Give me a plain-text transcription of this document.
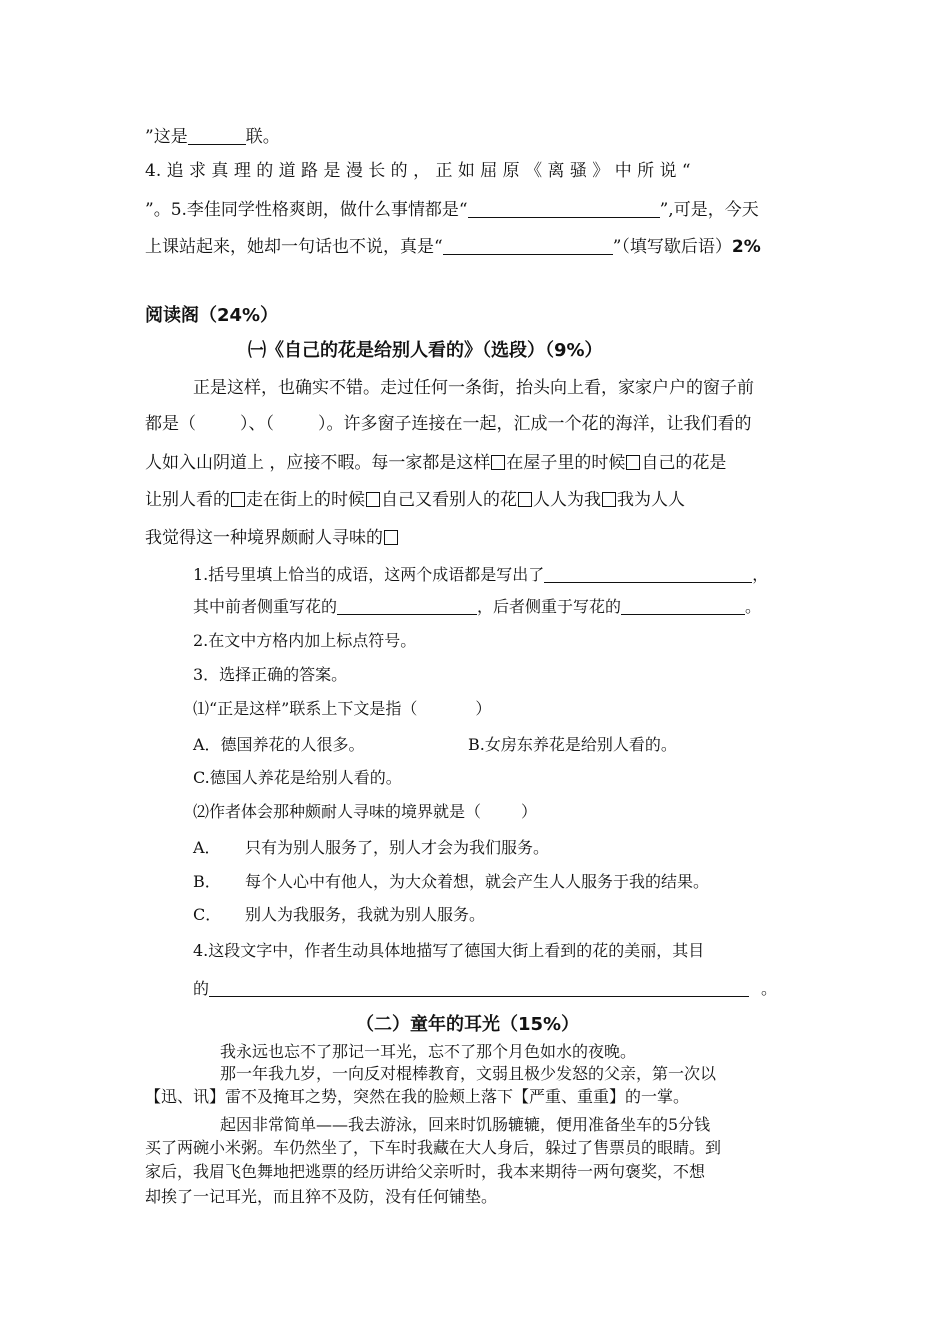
”这是	联。
4. 追 求 真 理 的 道 路 是 漫 长 的 ， 正 如 屈 原 《 离 骚 》 中 所 说 “
”。5.李佳同学性格爽朗，做什么事情都是“	”,可是，今天
上课站起来，她却一句话也不说，真是“	”（填写歇后语）2%
阅读阁（24%）
㈠《自己的花是给别人看的》（选段）（9%）
正是这样，也确实不错。走过任何一条街，抬头向上看，家家户户的窗子前
都是（	）、（	）。许多窗子连接在一起，汇成一个花的海洋，让我们看的
人如入山阴道上 ，应接不暇。每一家都是这样 在屋子里的时候 自己的花是
让别人看的 走在街上的时候 自己又看别人的花 人人为我 我为人人
我觉得这一种境界颇耐人寻味的
1.括号里填上恰当的成语，这两个成语都是写出了	，
其中前者侧重写花的	，后者侧重于写花的	。
2.在文中方格内加上标点符号。
3．选择正确的答案。
⑴“正是这样”联系上下文是指（	）
A．德国养花的人很多。	B.女房东养花是给别人看的。
C.德国人养花是给别人看的。
⑵作者体会那种颇耐人寻味的境界就是（	）
A． 只有为别人服务了，别人才会为我们服务。
B． 每个人心中有他人，为大众着想，就会产生人人服务于我的结果。
C． 别人为我服务，我就为别人服务。
4.这段文字中，作者生动具体地描写了德国大街上看到的花的美丽，其目
的	。
（二）童年的耳光（15%）
我永远也忘不了那记一耳光，忘不了那个月色如水的夜晚。
那一年我九岁，一向反对棍棒教育，文弱且极少发怒的父亲，第一次以
【迅、讯】雷不及掩耳之势，突然在我的脸颊上落下【严重、重重】的一掌。
起因非常简单——我去游泳，回来时饥肠辘辘，便用准备坐车的5分钱
买了两碗小米粥。车仍然坐了，下车时我藏在大人身后，躲过了售票员的眼睛。到
家后，我眉飞色舞地把逃票的经历讲给父亲听时，我本来期待一两句褒奖，不想
却挨了一记耳光，而且猝不及防，没有任何铺垫。
